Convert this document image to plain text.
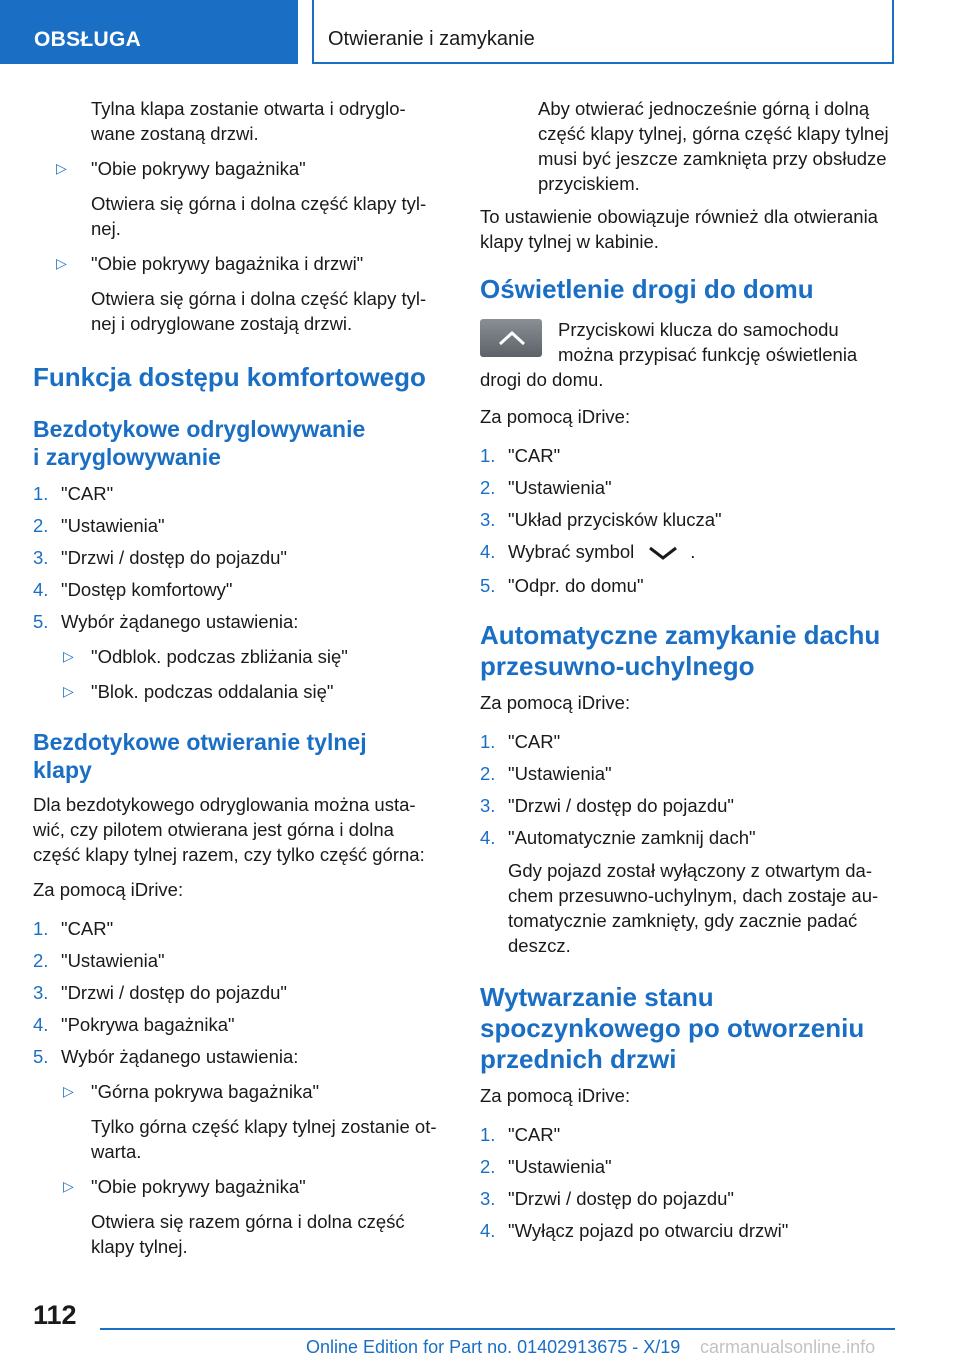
OBSŁUGA	Otwieranie i zamykanie

Tylna klapa zostanie otwarta i odryglo-
wane zostaną drzwi.

▷ "Obie pokrywy bagażnika"

Otwiera się górna i dolna część klapy tyl-
nej.

▷ "Obie pokrywy bagażnika i drzwi"

Otwiera się górna i dolna część klapy tyl-
nej i odryglowane zostają drzwi.

Funkcja dostępu komfortowego
Bezdotykowe odryglowywanie
i zaryglowywanie

1. "CAR"

2. "Ustawienia"

3. "Drzwi / dostęp do pojazdu"

4. "Dostęp komfortowy"

5. Wybór żądanego ustawienia:

▷ "Odblok. podczas zbliżania się"

▷ "Blok. podczas oddalania się"

Bezdotykowe otwieranie tylnej
klapy

Dla bezdotykowego odryglowania można usta-
wić, czy pilotem otwierana jest górna i dolna
część klapy tylnej razem, czy tylko część górna:

Za pomocą iDrive:

1. "CAR"

2. "Ustawienia"

3. "Drzwi / dostęp do pojazdu"

4. "Pokrywa bagażnika"

5. Wybór żądanego ustawienia:

▷ "Górna pokrywa bagażnika"

Tylko górna część klapy tylnej zostanie ot-
warta.

▷ "Obie pokrywy bagażnika"

Otwiera się razem górna i dolna część
klapy tylnej.

Aby otwierać jednocześnie górną i dolną
część klapy tylnej, górna część klapy tylnej
musi być jeszcze zamknięta przy obsłudze
przyciskiem.

To ustawienie obowiązuje również dla otwierania
klapy tylnej w kabinie.

Oświetlenie drogi do domu

Przyciskowi klucza do samochodu
można przypisać funkcję oświetlenia
drogi do domu.

Za pomocą iDrive:

1. "CAR"

2. "Ustawienia"

3. "Układ przycisków klucza"

4. Wybrać symbol	.

5. "Odpr. do domu"

Automatyczne zamykanie dachu
przesuwno-uchylnego

Za pomocą iDrive:

1. "CAR"

2. "Ustawienia"

3. "Drzwi / dostęp do pojazdu"

4. "Automatycznie zamknij dach"

Gdy pojazd został wyłączony z otwartym da-
chem przesuwno-uchylnym, dach zostaje au-
tomatycznie zamknięty, gdy zacznie padać
deszcz.

Wytwarzanie stanu
spoczynkowego po otworzeniu
przednich drzwi

Za pomocą iDrive:

1. "CAR"

2. "Ustawienia"

3. "Drzwi / dostęp do pojazdu"

4. "Wyłącz pojazd po otwarciu drzwi"

112
Online Edition for Part no. 01402913675 - X/19 carmanualsonline.info
